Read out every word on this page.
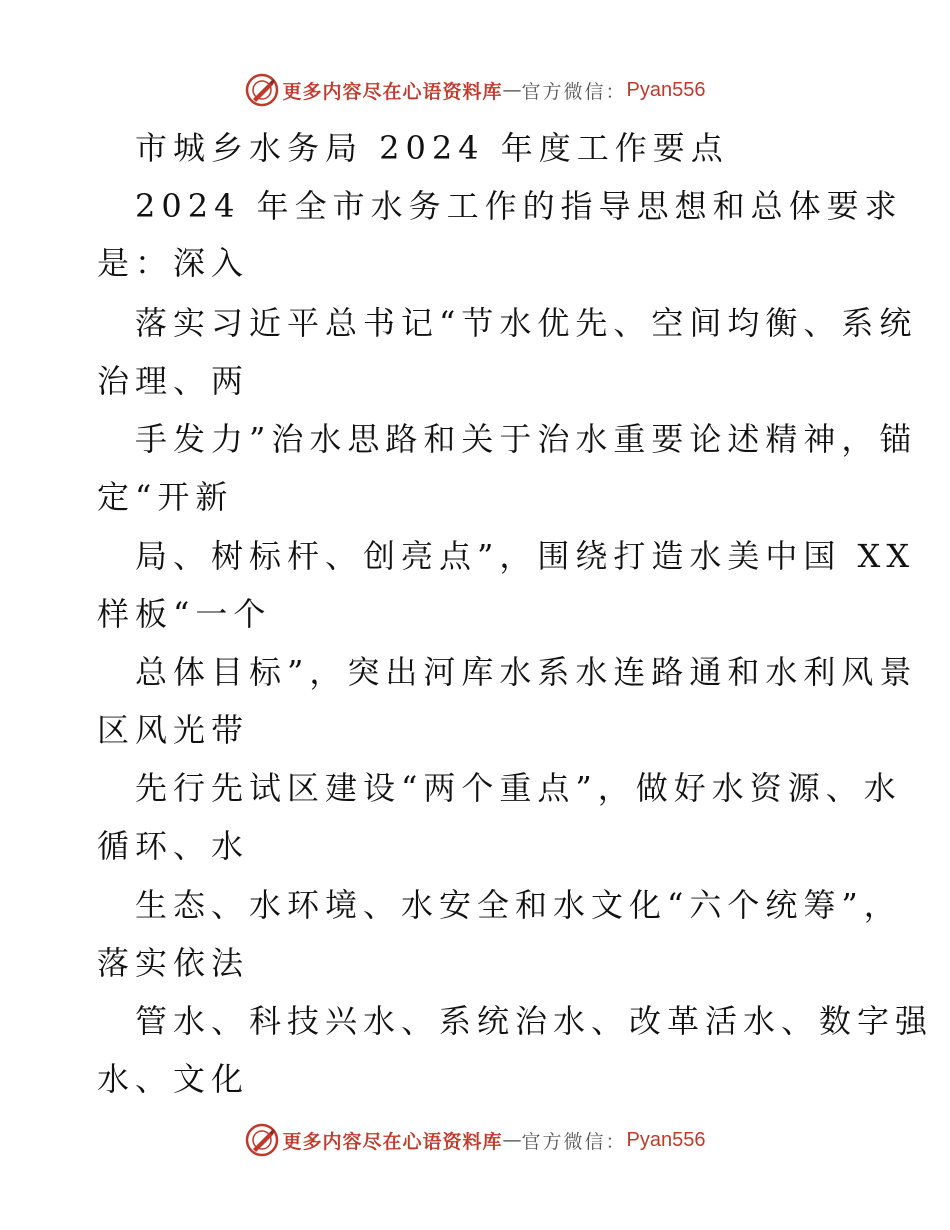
更多内容尽在心语资料库 — 官方微信： Pyan556
市城乡水务局 2024 年度工作要点
2024 年全市水务工作的指导思想和总体要求
是：深入
落实习近平总书记“节水优先、空间均衡、系统
治理、两
手发力”治水思路和关于治水重要论述精神，锚
定“开新
局、树标杆、创亮点”，围绕打造水美中国 XX
样板“一个
总体目标”，突出河库水系水连路通和水利风景
区风光带
先行先试区建设“两个重点”，做好水资源、水
循环、水
生态、水环境、水安全和水文化“六个统筹”，
落实依法
管水、科技兴水、系统治水、改革活水、数字强
水、文化
更多内容尽在心语资料库 — 官方微信： Pyan556
